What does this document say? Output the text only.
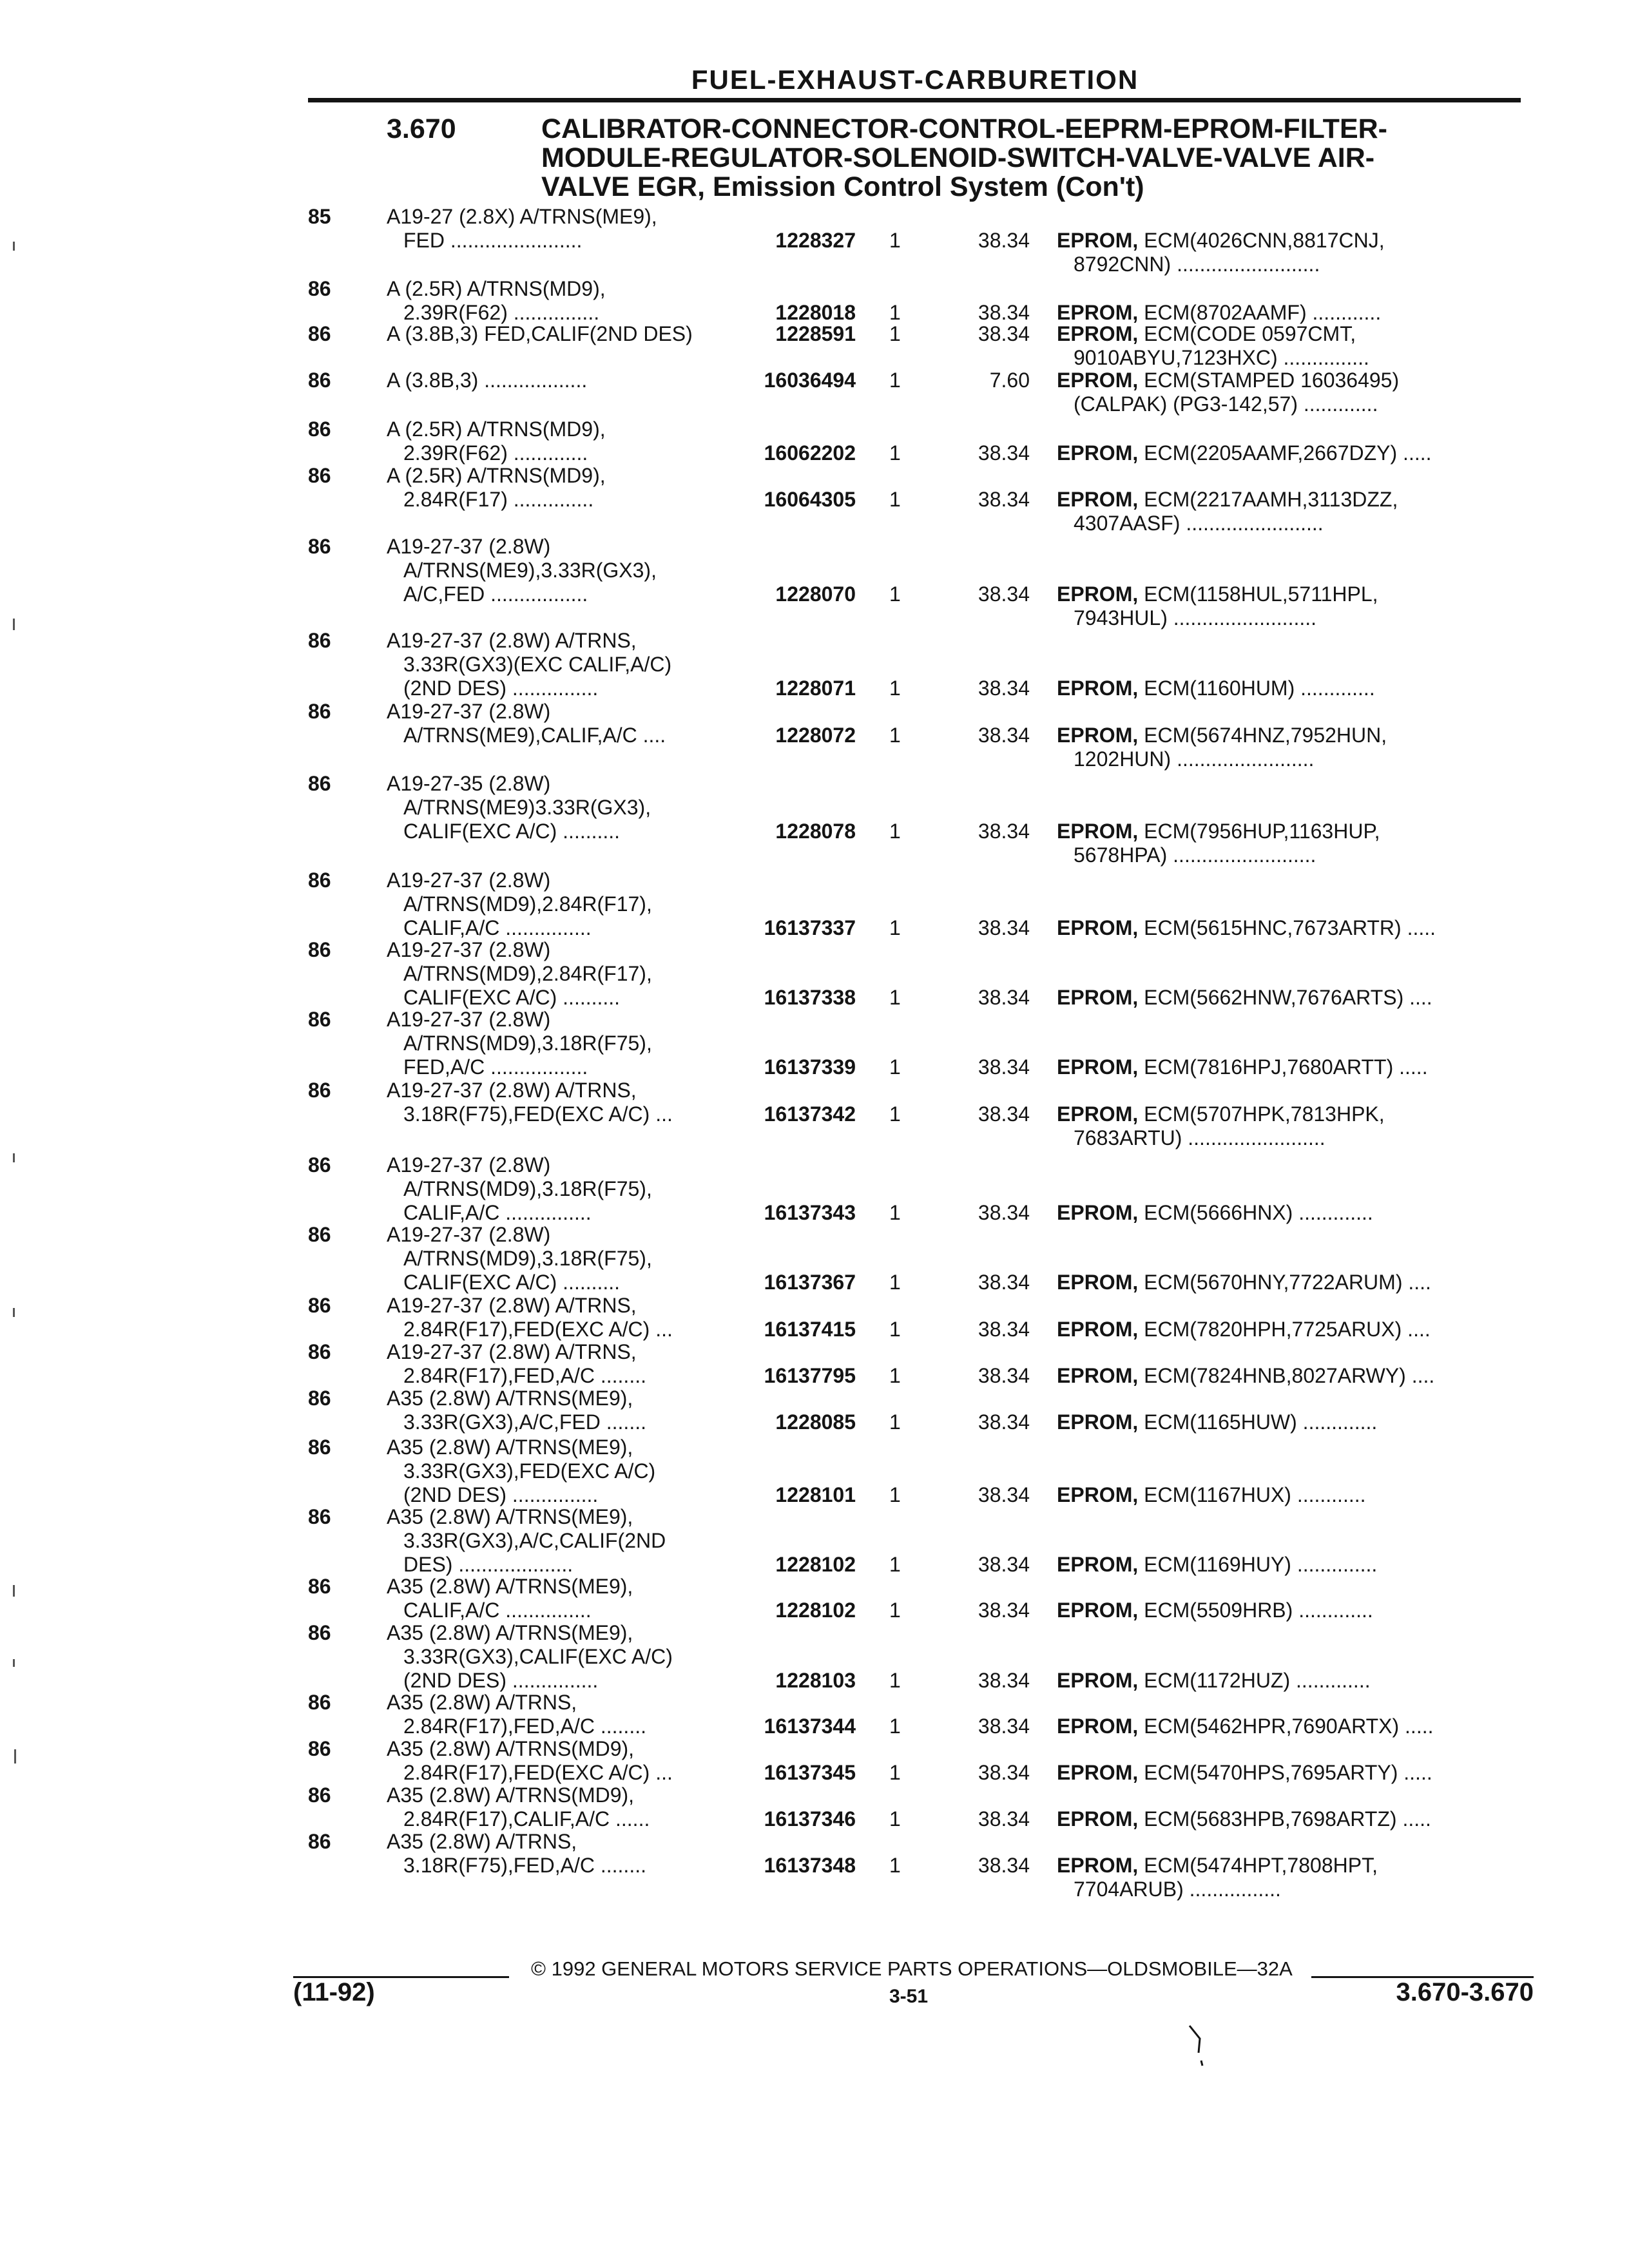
FUEL-EXHAUST-CARBURETION
3.670	CALIBRATOR-CONNECTOR-CONTROL-EEPRM-EPROM-FILTER-
MODULE-REGULATOR-SOLENOID-SWITCH-VALVE-VALVE AIR-
VALVE EGR, Emission Control System (Con't)
85	A19-27 (2.8X) A/TRNS(ME9),
FED .......................	1228327 1	38.34 EPROM, ECM(4026CNN,8817CNJ,
8792CNN) .........................
86	A (2.5R) A/TRNS(MD9),
2.39R(F62) ...............	1228018 1	38.34 EPROM, ECM(8702AAMF) ............
86	A (3.8B,3) FED,CALIF(2ND DES)	1228591 1	38.34 EPROM, ECM(CODE 0597CMT,
9010ABYU,7123HXC) ...............
86	A (3.8B,3) ..................	16036494 1	7.60 EPROM, ECM(STAMPED 16036495)
(CALPAK) (PG3-142,57) .............
86	A (2.5R) A/TRNS(MD9),
2.39R(F62) .............	16062202 1	38.34 EPROM, ECM(2205AAMF,2667DZY) .....
86	A (2.5R) A/TRNS(MD9),
2.84R(F17) ..............	16064305 1	38.34 EPROM, ECM(2217AAMH,3113DZZ,
4307AASF) ........................
86	A19-27-37 (2.8W)
A/TRNS(ME9),3.33R(GX3),
A/C,FED .................	1228070 1	38.34 EPROM, ECM(1158HUL,5711HPL,
7943HUL) .........................
86	A19-27-37 (2.8W) A/TRNS,
3.33R(GX3)(EXC CALIF,A/C)
(2ND DES) ...............	1228071 1	38.34 EPROM, ECM(1160HUM) .............
86	A19-27-37 (2.8W)
A/TRNS(ME9),CALIF,A/C ....	1228072 1	38.34 EPROM, ECM(5674HNZ,7952HUN,
1202HUN) ........................
86	A19-27-35 (2.8W)
A/TRNS(ME9)3.33R(GX3),
CALIF(EXC A/C) ..........	1228078 1	38.34 EPROM, ECM(7956HUP,1163HUP,
5678HPA) .........................
86	A19-27-37 (2.8W)
A/TRNS(MD9),2.84R(F17),
CALIF,A/C ...............	16137337 1	38.34 EPROM, ECM(5615HNC,7673ARTR) .....
86	A19-27-37 (2.8W)
A/TRNS(MD9),2.84R(F17),
CALIF(EXC A/C) ..........	16137338 1	38.34 EPROM, ECM(5662HNW,7676ARTS) ....
86	A19-27-37 (2.8W)
A/TRNS(MD9),3.18R(F75),
FED,A/C .................	16137339 1	38.34 EPROM, ECM(7816HPJ,7680ARTT) .....
86	A19-27-37 (2.8W) A/TRNS,
3.18R(F75),FED(EXC A/C) ...	16137342 1	38.34 EPROM, ECM(5707HPK,7813HPK,
7683ARTU) ........................
86	A19-27-37 (2.8W)
A/TRNS(MD9),3.18R(F75),
CALIF,A/C ...............	16137343 1	38.34 EPROM, ECM(5666HNX) .............
86	A19-27-37 (2.8W)
A/TRNS(MD9),3.18R(F75),
CALIF(EXC A/C) ..........	16137367 1	38.34 EPROM, ECM(5670HNY,7722ARUM) ....
86	A19-27-37 (2.8W) A/TRNS,
2.84R(F17),FED(EXC A/C) ...	16137415 1	38.34 EPROM, ECM(7820HPH,7725ARUX) ....
86	A19-27-37 (2.8W) A/TRNS,
2.84R(F17),FED,A/C ........	16137795 1	38.34 EPROM, ECM(7824HNB,8027ARWY) ....
86	A35 (2.8W) A/TRNS(ME9),
3.33R(GX3),A/C,FED .......	1228085 1	38.34 EPROM, ECM(1165HUW) .............
86	A35 (2.8W) A/TRNS(ME9),
3.33R(GX3),FED(EXC A/C)
(2ND DES) ...............	1228101 1	38.34 EPROM, ECM(1167HUX) ............
86	A35 (2.8W) A/TRNS(ME9),
3.33R(GX3),A/C,CALIF(2ND
DES) ....................	1228102 1	38.34 EPROM, ECM(1169HUY) ..............
86	A35 (2.8W) A/TRNS(ME9),
CALIF,A/C ...............	1228102 1	38.34 EPROM, ECM(5509HRB) .............
86	A35 (2.8W) A/TRNS(ME9),
3.33R(GX3),CALIF(EXC A/C)
(2ND DES) ...............	1228103 1	38.34 EPROM, ECM(1172HUZ) .............
86	A35 (2.8W) A/TRNS,
2.84R(F17),FED,A/C ........	16137344 1	38.34 EPROM, ECM(5462HPR,7690ARTX) .....
86	A35 (2.8W) A/TRNS(MD9),
2.84R(F17),FED(EXC A/C) ...	16137345 1	38.34 EPROM, ECM(5470HPS,7695ARTY) .....
86	A35 (2.8W) A/TRNS(MD9),
2.84R(F17),CALIF,A/C ......	16137346 1	38.34 EPROM, ECM(5683HPB,7698ARTZ) .....
86	A35 (2.8W) A/TRNS,
3.18R(F75),FED,A/C ........	16137348 1	38.34 EPROM, ECM(5474HPT,7808HPT,
7704ARUB) ................
© 1992 GENERAL MOTORS SERVICE PARTS OPERATIONS—OLDSMOBILE—32A
(11-92)	3-51	3.670-3.670
